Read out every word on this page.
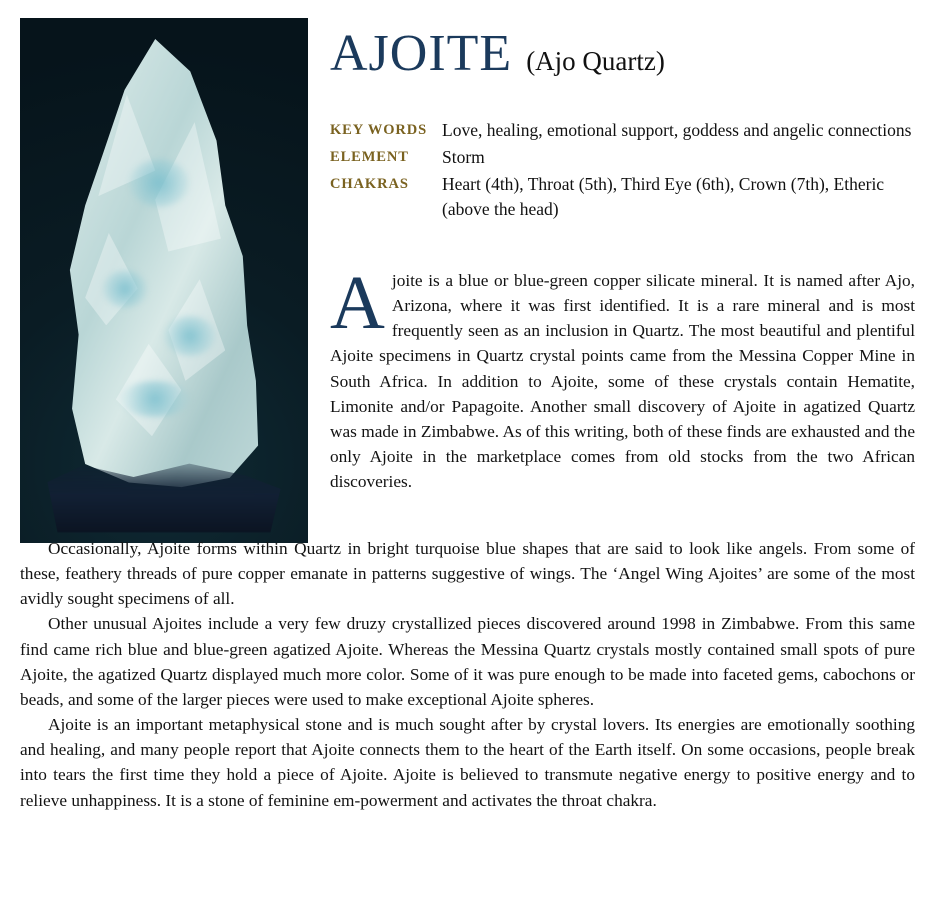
AJOITE (Ajo Quartz)
KEY WORDS Love, healing, emotional support, goddess and angelic connections
ELEMENT	Storm
CHAKRAS	Heart (4th), Throat (5th), Third Eye (6th), Crown (7th), Etheric (above the head)
A joite is a blue or blue-green copper silicate mineral. It is named after Ajo, Arizona, where it was first identified. It is a rare mineral and is most frequently seen as an inclusion in Quartz. The most beautiful and plentiful Ajoite specimens in Quartz crystal points came from the Messina Copper Mine in South Africa. In addition to Ajoite, some of these crystals contain Hematite, Limonite and/or Papagoite. Another small discovery of Ajoite in agatized Quartz was made in Zimbabwe. As of this writing, both of these finds are exhausted and the only Ajoite in the marketplace comes from old stocks from the two African discoveries.

Occasionally, Ajoite forms within Quartz in bright turquoise blue shapes that are said to look like angels. From some of these, feathery threads of pure copper emanate in patterns suggestive of wings. The ‘Angel Wing Ajoites’ are some of the most avidly sought specimens of all.

Other unusual Ajoites include a very few druzy crystallized pieces discovered around 1998 in Zimbabwe. From this same find came rich blue and blue-green agatized Ajoite. Whereas the Messina Quartz crystals mostly contained small spots of pure Ajoite, the agatized Quartz displayed much more color. Some of it was pure enough to be made into faceted gems, cabochons or beads, and some of the larger pieces were used to make exceptional Ajoite spheres.

Ajoite is an important metaphysical stone and is much sought after by crystal lovers. Its energies are emotionally soothing and healing, and many people report that Ajoite connects them to the heart of the Earth itself. On some occasions, people break into tears the first time they hold a piece of Ajoite. Ajoite is believed to transmute negative energy to positive energy and to relieve unhappiness. It is a stone of feminine em-powerment and activates the throat chakra.
